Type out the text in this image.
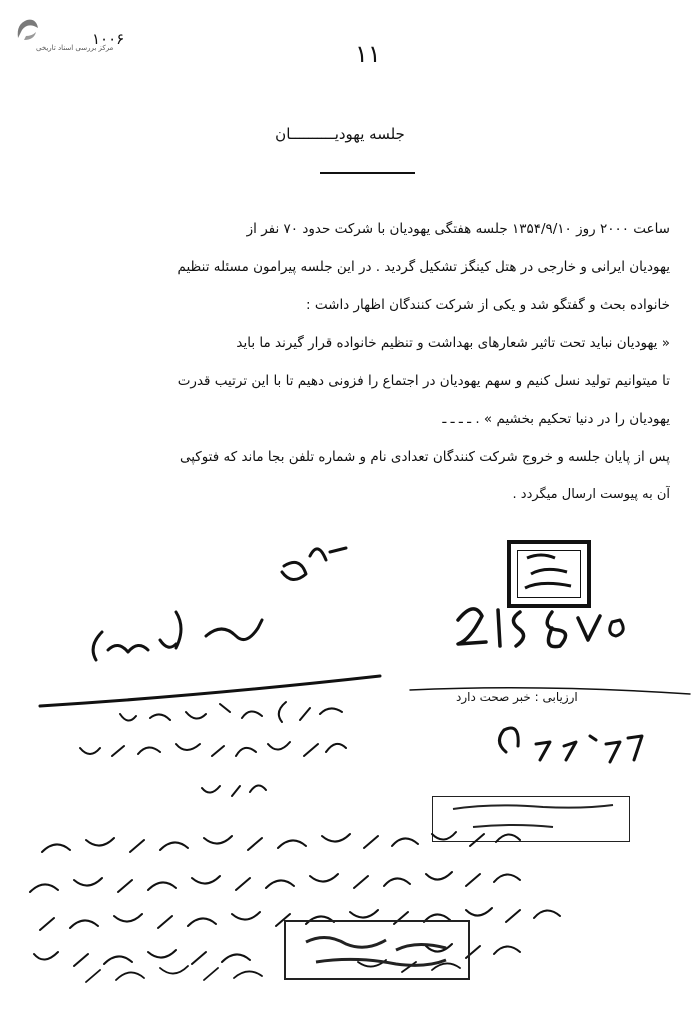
مرکز بررسی اسناد تاریخی
۱۰۰۶
۱۱
جلسه یهودیــــــــــان
ساعت ۲۰۰۰ روز ۱۳۵۴/۹/۱۰ جلسه هفتگی یهودیان با شرکت حدود ۷۰ نفر از
یهودیان ایرانی و خارجی در هتل کینگز تشکیل گردید . در این جلسه پیرامون مسئله تنظیم
خانواده بحث و گفتگو شد و یکی از شرکت کنندگان اظهار داشت :
« یهودیان نباید تحت تاثیر شعارهای بهداشت و تنظیم خانواده قرار گیرند ما باید
تا میتوانیم تولید نسل کنیم و سهم یهودیان در اجتماع را فزونی دهیم تا با این ترتیب قدرت
یهودیان را در دنیا تحکیم بخشیم » . ـ ـ ـ ـ
پس از پایان جلسه و خروج شرکت کنندگان تعدادی نام و شماره تلفن بجا ماند که فتوکپی
آن به پیوست ارسال میگردد .
ارزیابی : خبر صحت دارد
